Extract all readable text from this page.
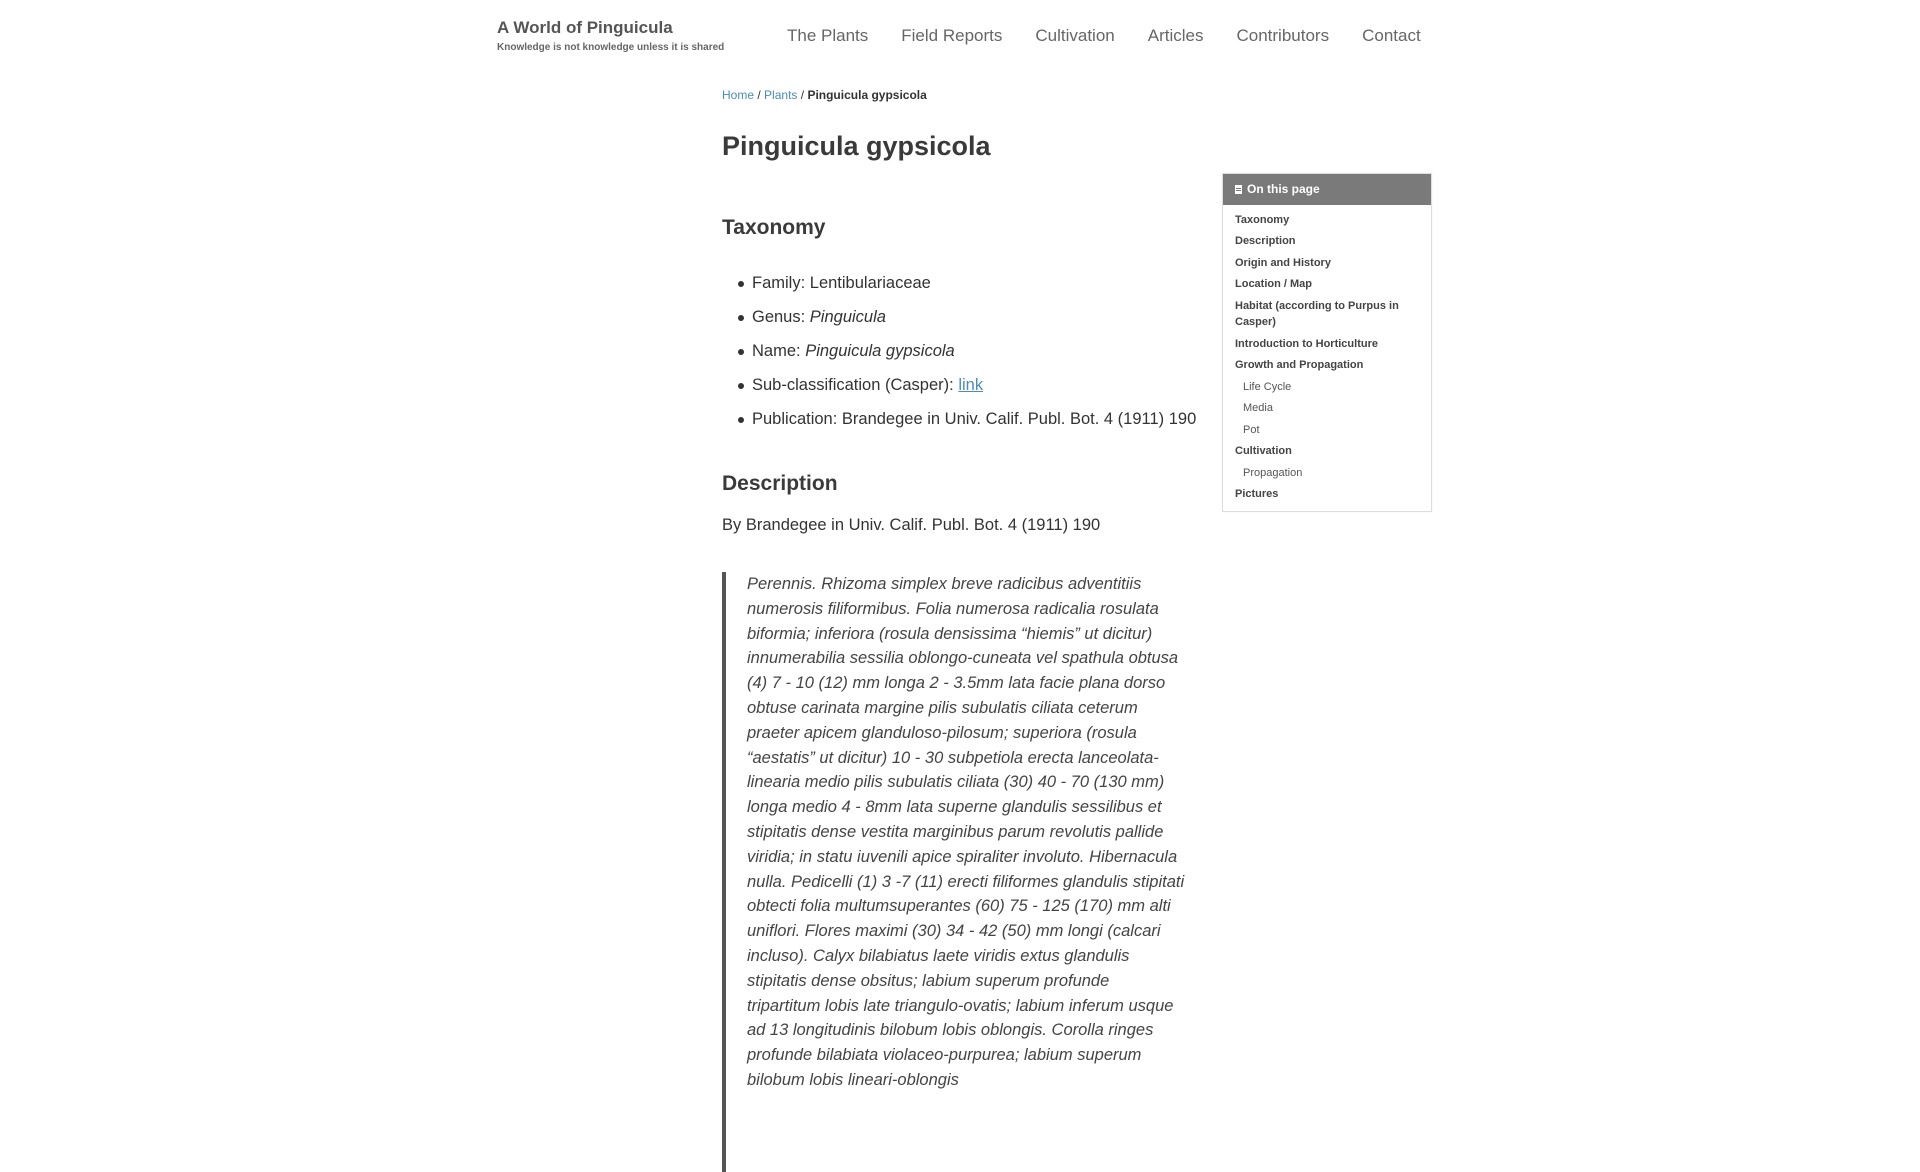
A World of Pinguicula
Knowledge is not knowledge unless it is shared
The Plants Field Reports Cultivation Articles Contributors Contact
Home / Plants / Pinguicula gypsicola
Pinguicula gypsicola
Taxonomy
Family: Lentibulariaceae
Genus: Pinguicula
Name: Pinguicula gypsicola
Sub-classification (Casper): link
Publication: Brandegee in Univ. Calif. Publ. Bot. 4 (1911) 190
Description

By Brandegee in Univ. Calif. Publ. Bot. 4 (1911) 190

Perennis. Rhizoma simplex breve radicibus adventitiis numerosis filiformibus. Folia numerosa radicalia rosulata biformia; inferiora (rosula densissima “hiemis” ut dicitur) innumerabilia sessilia oblongo-cuneata vel spathula obtusa (4) 7 - 10 (12) mm longa 2 - 3.5mm lata facie plana dorso obtuse carinata margine pilis subulatis ciliata ceterum praeter apicem glanduloso-pilosum; superiora (rosula “aestatis” ut dicitur) 10 - 30 subpetiola erecta lanceolata-linearia medio pilis subulatis ciliata (30) 40 - 70 (130 mm) longa medio 4 - 8mm lata superne glandulis sessilibus et stipitatis dense vestita marginibus parum revolutis pallide viridia; in statu iuvenili apice spiraliter involuto. Hibernacula nulla. Pedicelli (1) 3 -7 (11) erecti filiformes glandulis stipitati obtecti folia multumsuperantes (60) 75 - 125 (170) mm alti uniflori. Flores maximi (30) 34 - 42 (50) mm longi (calcari incluso). Calyx bilabiatus laete viridis extus glandulis stipitatis dense obsitus; labium superum profunde tripartitum lobis late triangulo-ovatis; labium inferum usque ad 13 longitudinis bilobum lobis oblongis. Corolla ringes profunde bilabiata violaceo-purpurea; labium superum bilobum lobis lineari-oblongis
On this page
Taxonomy
Description
Origin and History
Location / Map
Habitat (according to Purpus in Casper)
Introduction to Horticulture
Growth and Propagation
Life Cycle
Media
Pot
Cultivation
Propagation
Pictures
